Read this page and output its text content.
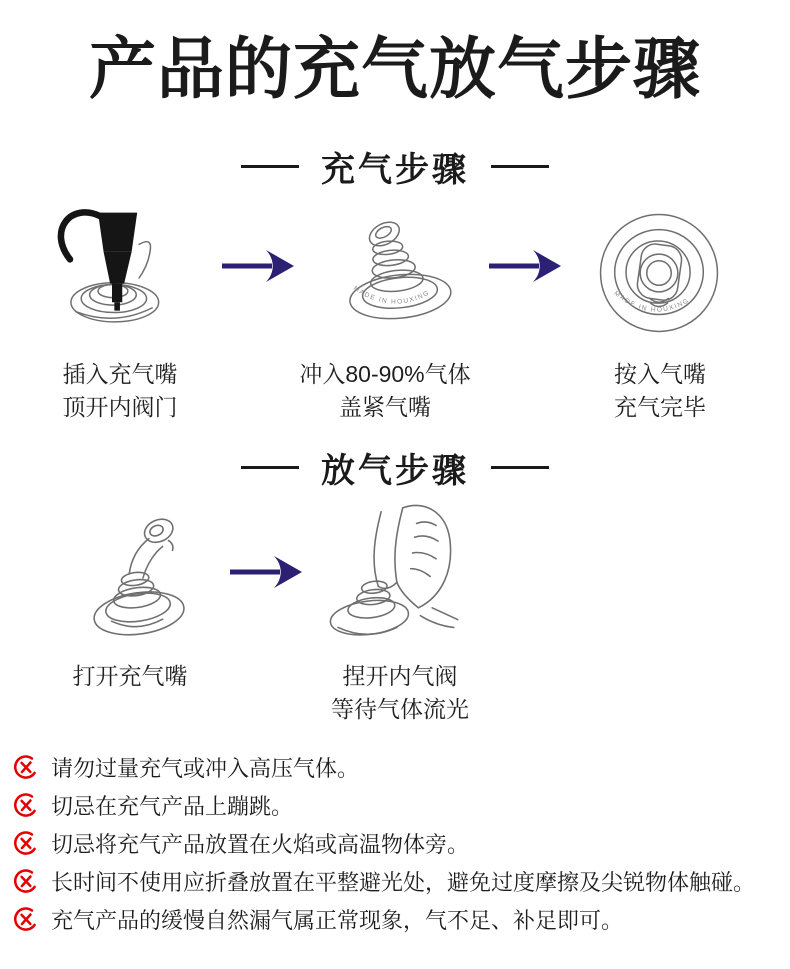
产品的充气放气步骤
充气步骤
MADE IN HOUXING	MADE IN HOUXING
插入充气嘴
顶开内阀门
冲入80-90%气体
盖紧气嘴
按入气嘴
充气完毕
放气步骤
打开充气嘴	捏开内气阀
等待气体流光
请勿过量充气或冲入高压气体。
切忌在充气产品上蹦跳。
切忌将充气产品放置在火焰或高温物体旁。
长时间不使用应折叠放置在平整避光处，避免过度摩擦及尖锐物体触碰。
充气产品的缓慢自然漏气属正常现象，气不足、补足即可。
